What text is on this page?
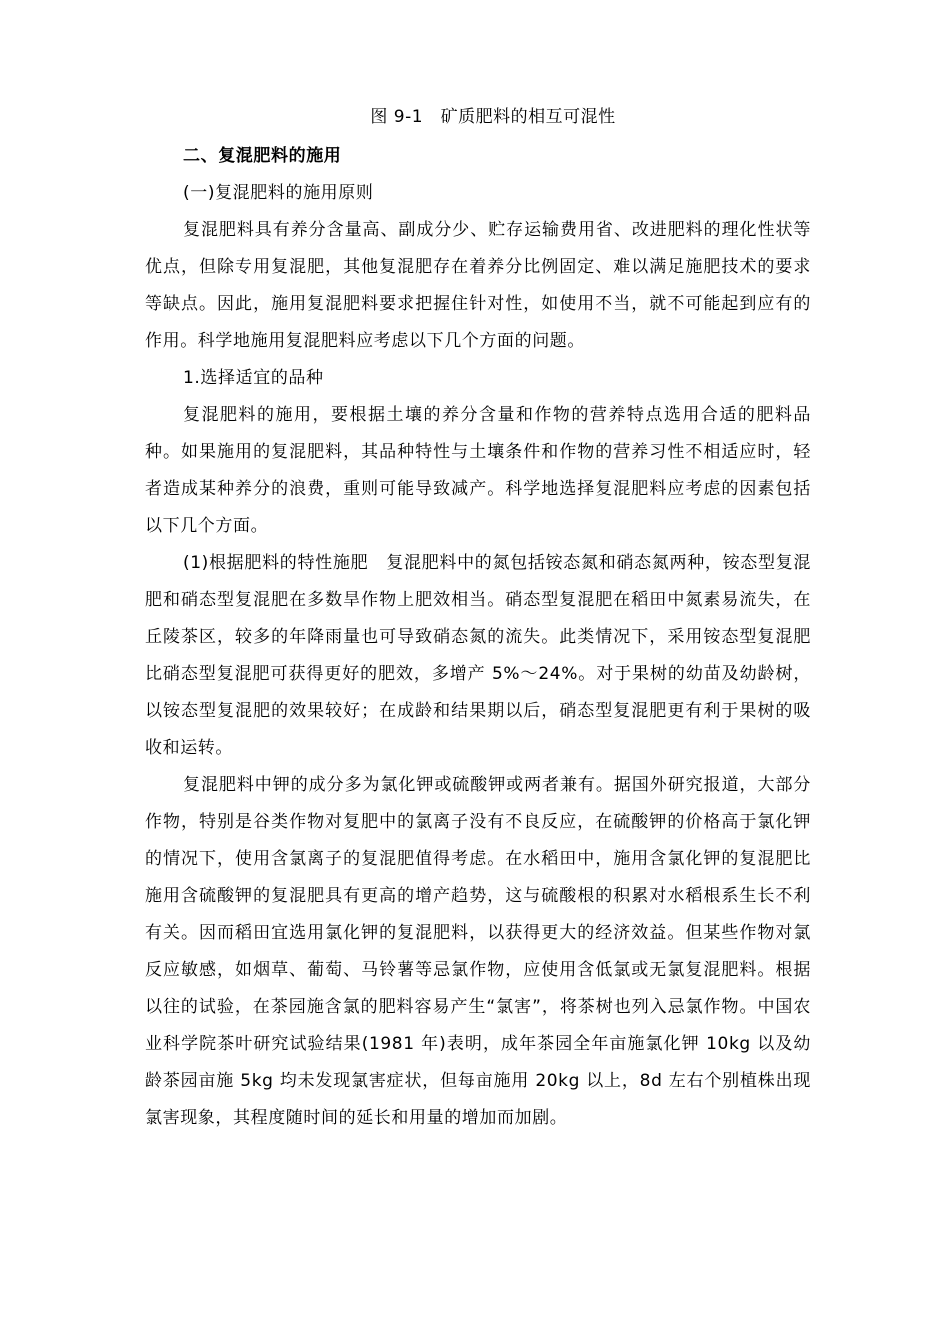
图 9-1　矿质肥料的相互可混性

二、复混肥料的施用

(一)复混肥料的施用原则

复混肥料具有养分含量高、副成分少、贮存运输费用省、改进肥料的理化性状等优点，但除专用复混肥，其他复混肥存在着养分比例固定、难以满足施肥技术的要求等缺点。因此，施用复混肥料要求把握住针对性，如使用不当，就不可能起到应有的作用。科学地施用复混肥料应考虑以下几个方面的问题。

1.选择适宜的品种

复混肥料的施用，要根据土壤的养分含量和作物的营养特点选用合适的肥料品种。如果施用的复混肥料，其品种特性与土壤条件和作物的营养习性不相适应时，轻者造成某种养分的浪费，重则可能导致减产。科学地选择复混肥料应考虑的因素包括以下几个方面。

(1)根据肥料的特性施肥 复混肥料中的氮包括铵态氮和硝态氮两种，铵态型复混肥和硝态型复混肥在多数旱作物上肥效相当。硝态型复混肥在稻田中氮素易流失，在丘陵茶区，较多的年降雨量也可导致硝态氮的流失。此类情况下，采用铵态型复混肥比硝态型复混肥可获得更好的肥效，多增产 5%～24%。对于果树的幼苗及幼龄树，以铵态型复混肥的效果较好；在成龄和结果期以后，硝态型复混肥更有利于果树的吸收和运转。

复混肥料中钾的成分多为氯化钾或硫酸钾或两者兼有。据国外研究报道，大部分作物，特别是谷类作物对复肥中的氯离子没有不良反应，在硫酸钾的价格高于氯化钾的情况下，使用含氯离子的复混肥值得考虑。在水稻田中，施用含氯化钾的复混肥比施用含硫酸钾的复混肥具有更高的增产趋势，这与硫酸根的积累对水稻根系生长不利有关。因而稻田宜选用氯化钾的复混肥料，以获得更大的经济效益。但某些作物对氯反应敏感，如烟草、葡萄、马铃薯等忌氯作物，应使用含低氯或无氯复混肥料。根据以往的试验，在茶园施含氯的肥料容易产生“氯害”，将茶树也列入忌氯作物。中国农业科学院茶叶研究试验结果(1981 年)表明，成年茶园全年亩施氯化钾 10kg 以及幼龄茶园亩施 5kg 均未发现氯害症状，但每亩施用 20kg 以上，8d 左右个别植株出现氯害现象，其程度随时间的延长和用量的增加而加剧。
